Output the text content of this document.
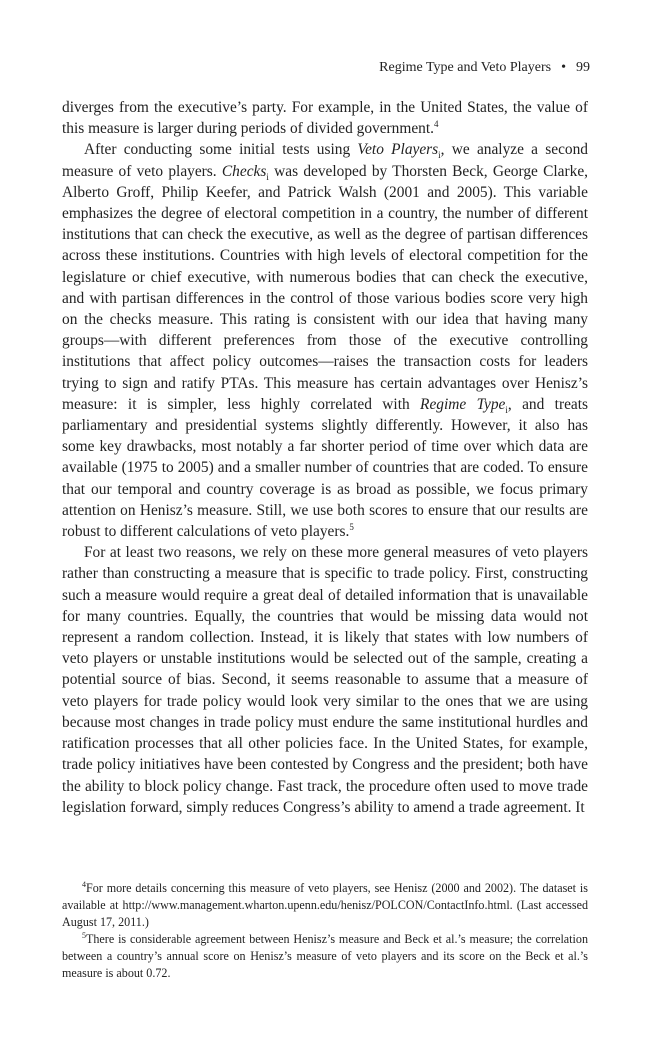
Regime Type and Veto Players • 99

diverges from the executive’s party. For example, in the United States, the value of this measure is larger during periods of divided government.$^4$

After conducting some initial tests using Veto Players$_i$, we analyze a second measure of veto players. Checks$_i$ was developed by Thorsten Beck, George Clarke, Alberto Groff, Philip Keefer, and Patrick Walsh (2001 and 2005). This variable emphasizes the degree of electoral competition in a country, the number of different institutions that can check the executive, as well as the degree of partisan differences across these institutions. Countries with high levels of electoral competition for the legislature or chief executive, with numerous bodies that can check the executive, and with partisan differences in the control of those various bodies score very high on the checks measure. This rating is consistent with our idea that having many groups—with different preferences from those of the executive controlling institutions that affect policy outcomes—raises the transaction costs for leaders trying to sign and ratify PTAs. This measure has certain advantages over Henisz’s measure: it is simpler, less highly correlated with Regime Type$_i$, and treats parliamentary and presidential systems slightly differently. However, it also has some key drawbacks, most notably a far shorter period of time over which data are available (1975 to 2005) and a smaller number of countries that are coded. To ensure that our temporal and country coverage is as broad as possible, we focus primary attention on Henisz’s measure. Still, we use both scores to ensure that our results are robust to different calculations of veto players.$^5$

For at least two reasons, we rely on these more general measures of veto players rather than constructing a measure that is specific to trade policy. First, constructing such a measure would require a great deal of detailed information that is unavailable for many countries. Equally, the countries that would be missing data would not represent a random collection. Instead, it is likely that states with low numbers of veto players or unstable institutions would be selected out of the sample, creating a potential source of bias. Second, it seems reasonable to assume that a measure of veto players for trade policy would look very similar to the ones that we are using because most changes in trade policy must endure the same institutional hurdles and ratification processes that all other policies face. In the United States, for example, trade policy initiatives have been contested by Congress and the president; both have the ability to block policy change. Fast track, the procedure often used to move trade legislation forward, simply reduces Congress’s ability to amend a trade agreement. It

$^4$For more details concerning this measure of veto players, see Henisz (2000 and 2002). The dataset is available at http://www.management.wharton.upenn.edu/henisz/POLCON/ContactInfo.html. (Last accessed August 17, 2011.)

$^5$There is considerable agreement between Henisz’s measure and Beck et al.’s measure; the correlation between a country’s annual score on Henisz’s measure of veto players and its score on the Beck et al.’s measure is about 0.72.
